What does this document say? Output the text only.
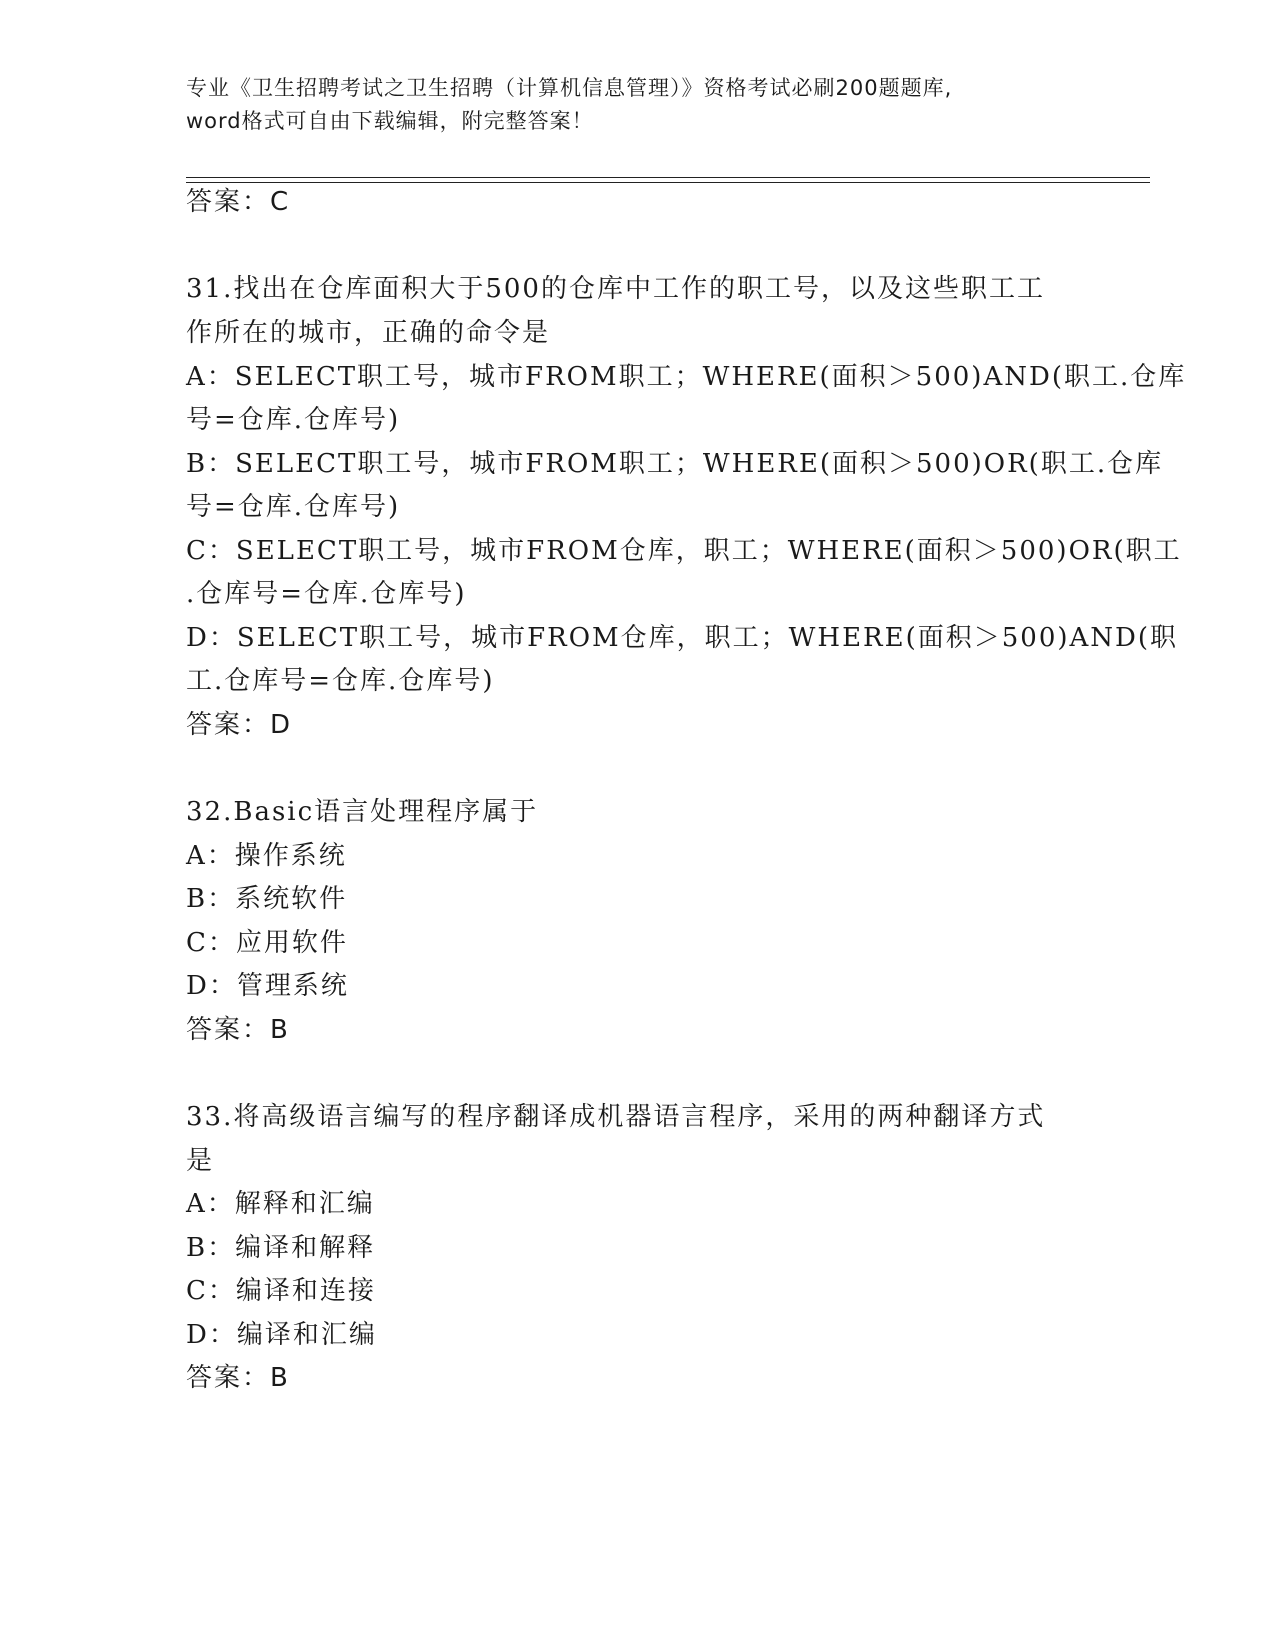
专业《卫生招聘考试之卫生招聘（计算机信息管理）》资格考试必刷200题题库,
word格式可自由下载编辑，附完整答案！
答案：C
31.找出在仓库面积大于500的仓库中工作的职工号，以及这些职工工
作所在的城市，正确的命令是
A：SELECT职工号，城市FROM职工；WHERE(面积＞500)AND(职工.仓库
号=仓库.仓库号)
B：SELECT职工号，城市FROM职工；WHERE(面积＞500)OR(职工.仓库
号=仓库.仓库号)
C：SELECT职工号，城市FROM仓库，职工；WHERE(面积＞500)OR(职工
.仓库号=仓库.仓库号)
D：SELECT职工号，城市FROM仓库，职工；WHERE(面积＞500)AND(职
工.仓库号=仓库.仓库号)
答案：D
32.Basic语言处理程序属于
A：操作系统
B：系统软件
C：应用软件
D：管理系统
答案：B
33.将高级语言编写的程序翻译成机器语言程序，采用的两种翻译方式
是
A：解释和汇编
B：编译和解释
C：编译和连接
D：编译和汇编
答案：B
